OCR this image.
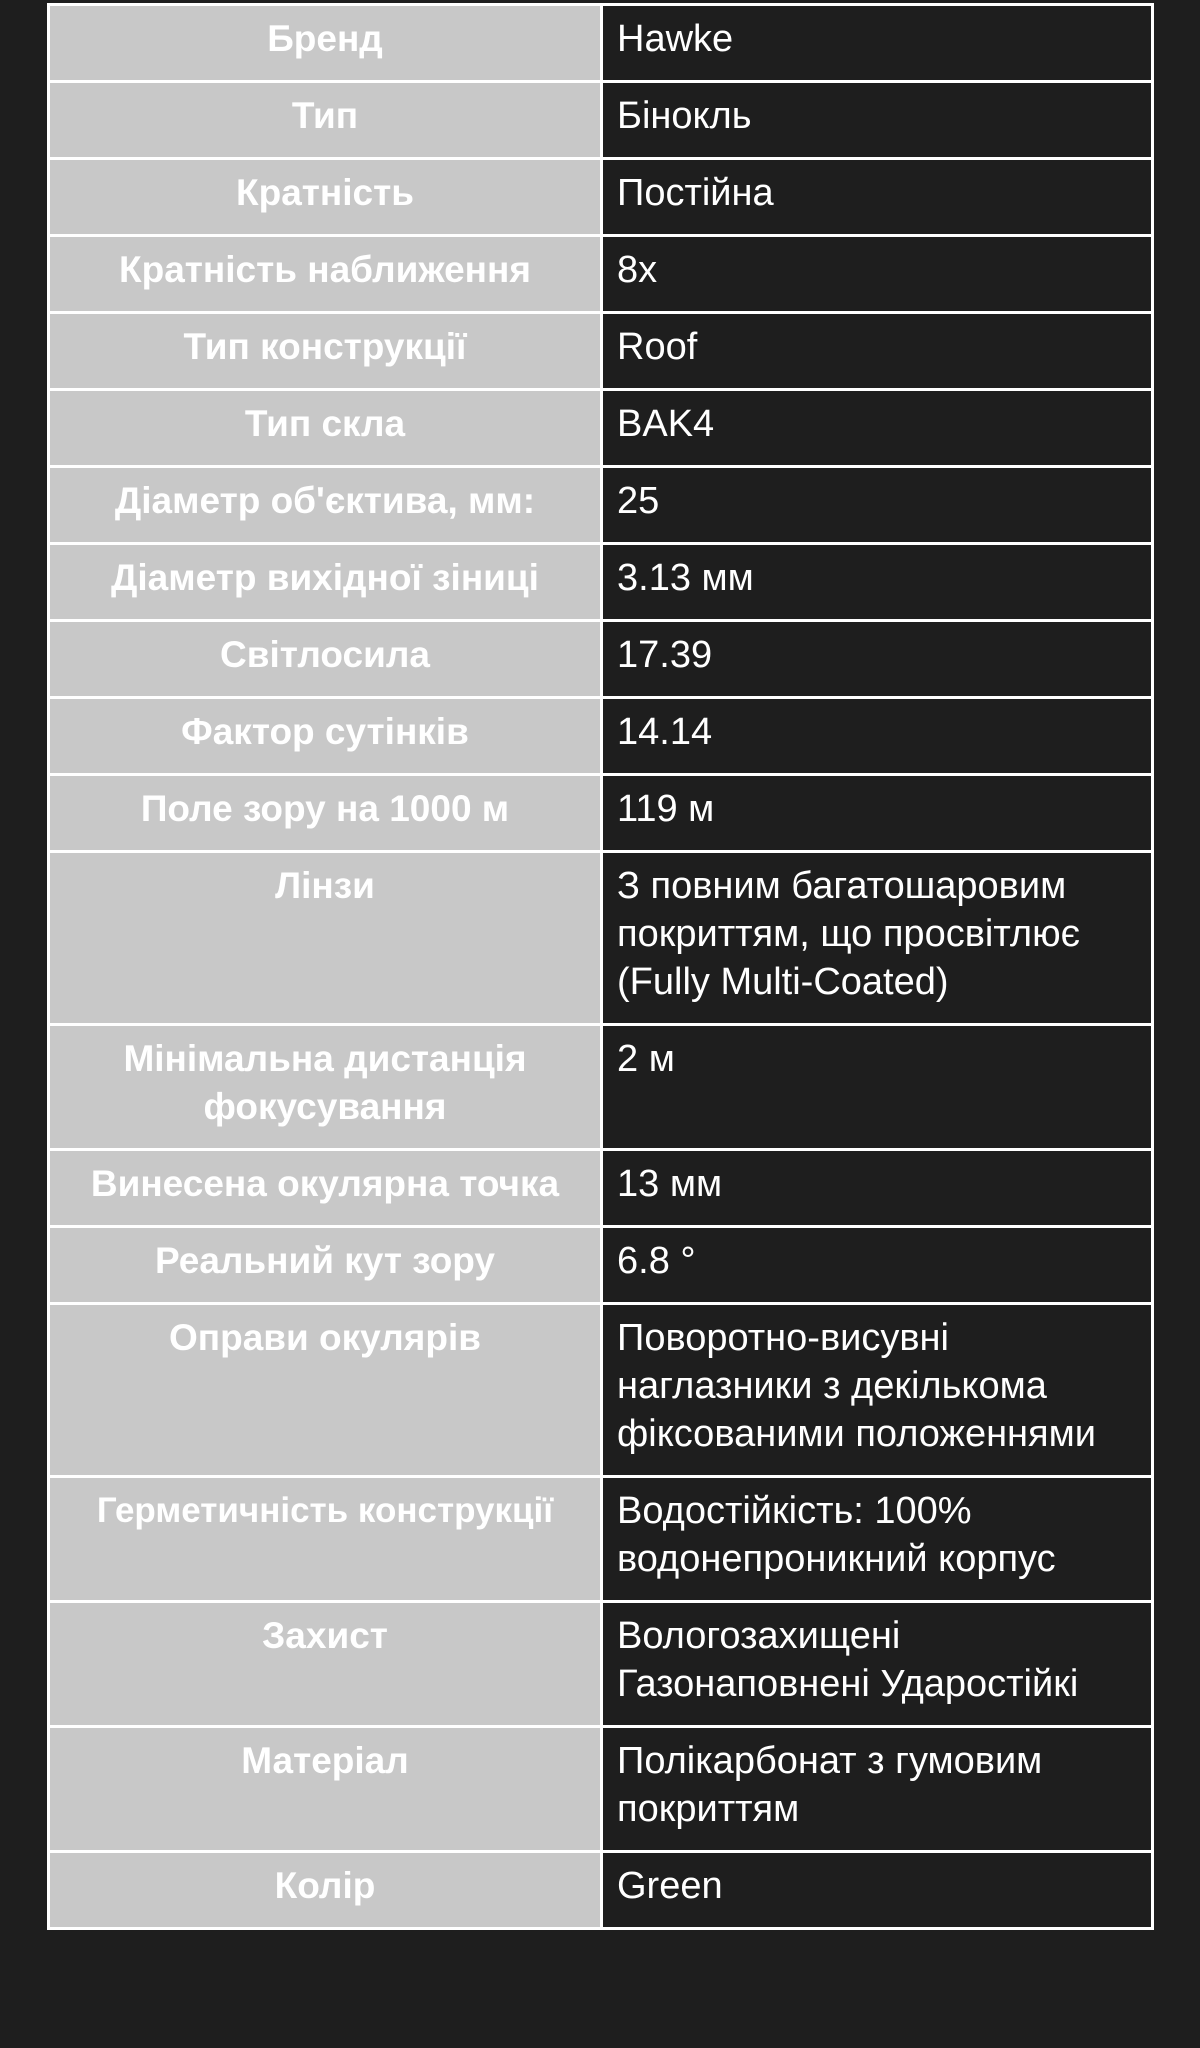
Бренд	Hawke

Тип	Бінокль

Кратність	Постійна

Кратність наближення	8x

Тип конструкції	Roof

Тип скла	BAK4

Діаметр об'єктива, мм:	25

Діаметр вихідної зіниці	3.13 мм

Світлосила	17.39

Фактор сутінків	14.14

Поле зору на 1000 м	119 м

Лінзи	З повним багатошаровим покриттям, що просвітлює (Fully Multi-Coated)

Мінімальна дистанція фокусування	2 м

Винесена окулярна точка	13 мм

Реальний кут зору	6.8 °

Оправи окулярів	Поворотно-висувні наглазники з декількома фіксованими положеннями

Герметичність конструкції	Водостійкість: 100% водонепроникний корпус

Захист	Вологозахищені Газонаповнені Ударостійкі

Матеріал	Полікарбонат з гумовим покриттям

Колір	Green
